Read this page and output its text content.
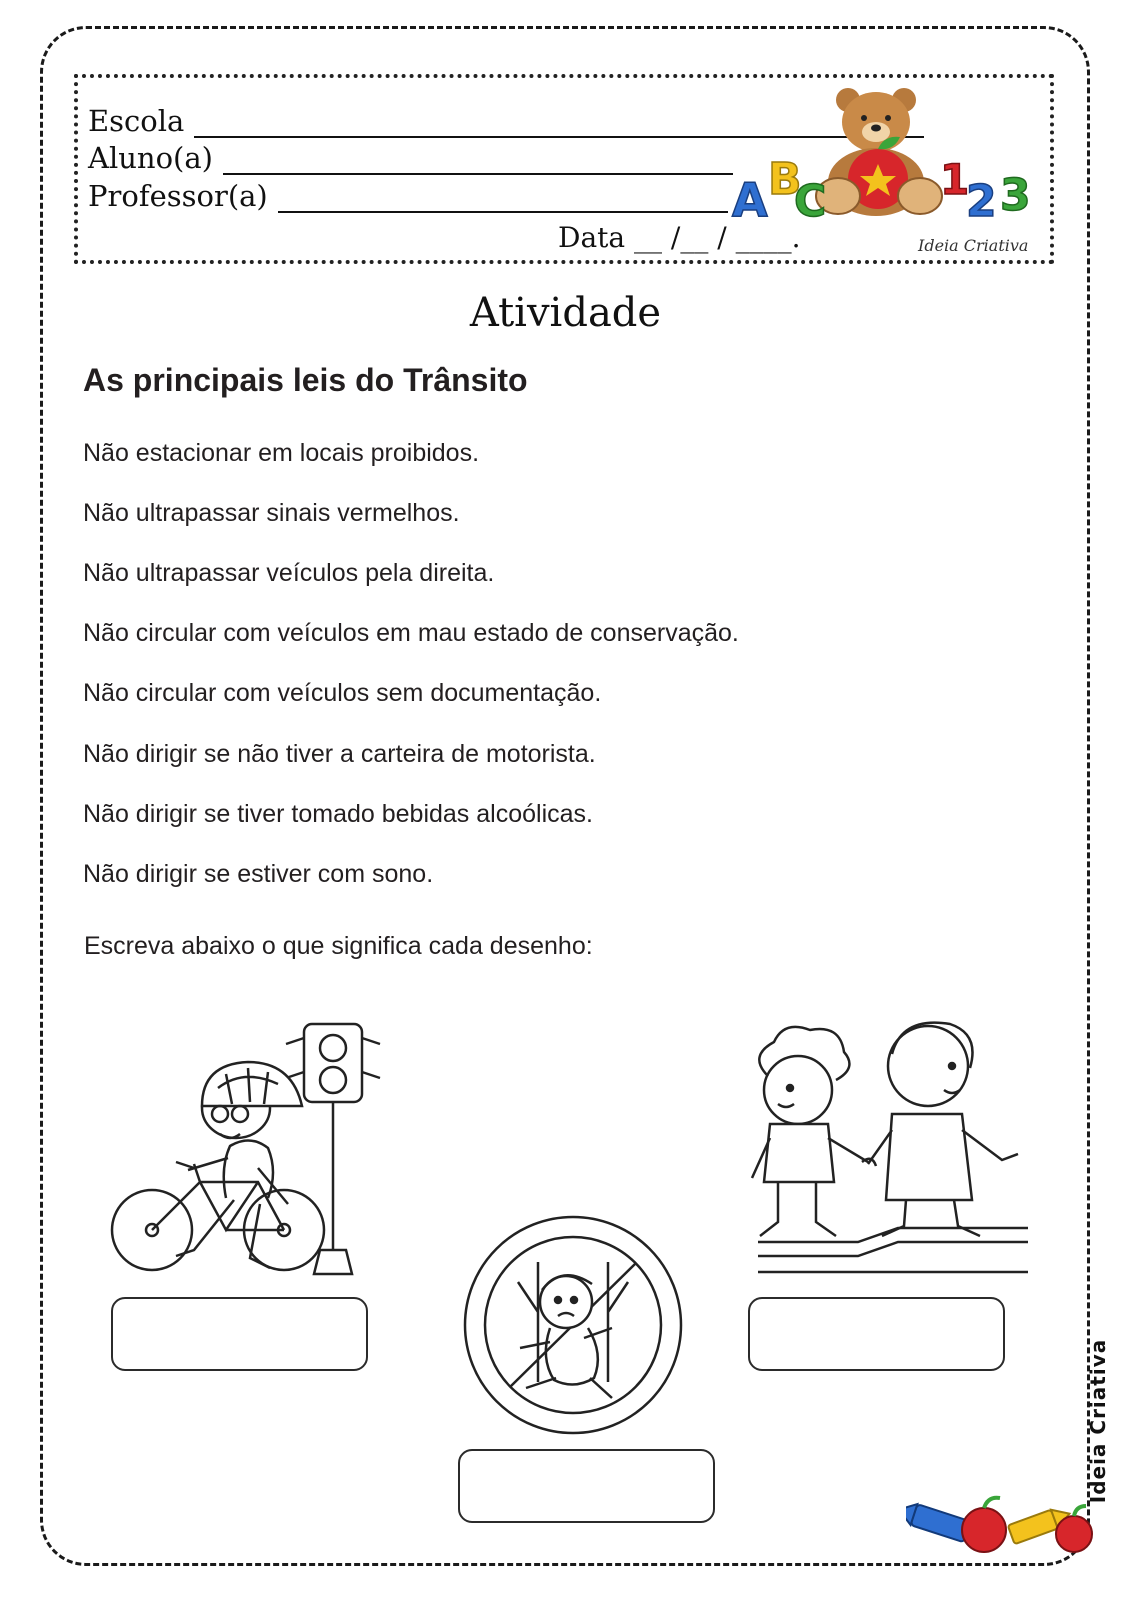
Escola
Aluno(a)
Professor(a)
Data __ /__ / ____.
A B
C	1
2 3
Ideia Criativa
Atividade
As principais leis do Trânsito
Não estacionar em locais proibidos.
Não ultrapassar sinais vermelhos.
Não ultrapassar veículos pela direita.
Não circular com veículos em mau estado de conservação.
Não circular com veículos sem documentação.
Não dirigir se não tiver a carteira de motorista.
Não dirigir se tiver tomado bebidas alcoólicas.
Não dirigir se estiver com sono.
Escreva abaixo o que significa cada desenho:
Ideia Criativa
